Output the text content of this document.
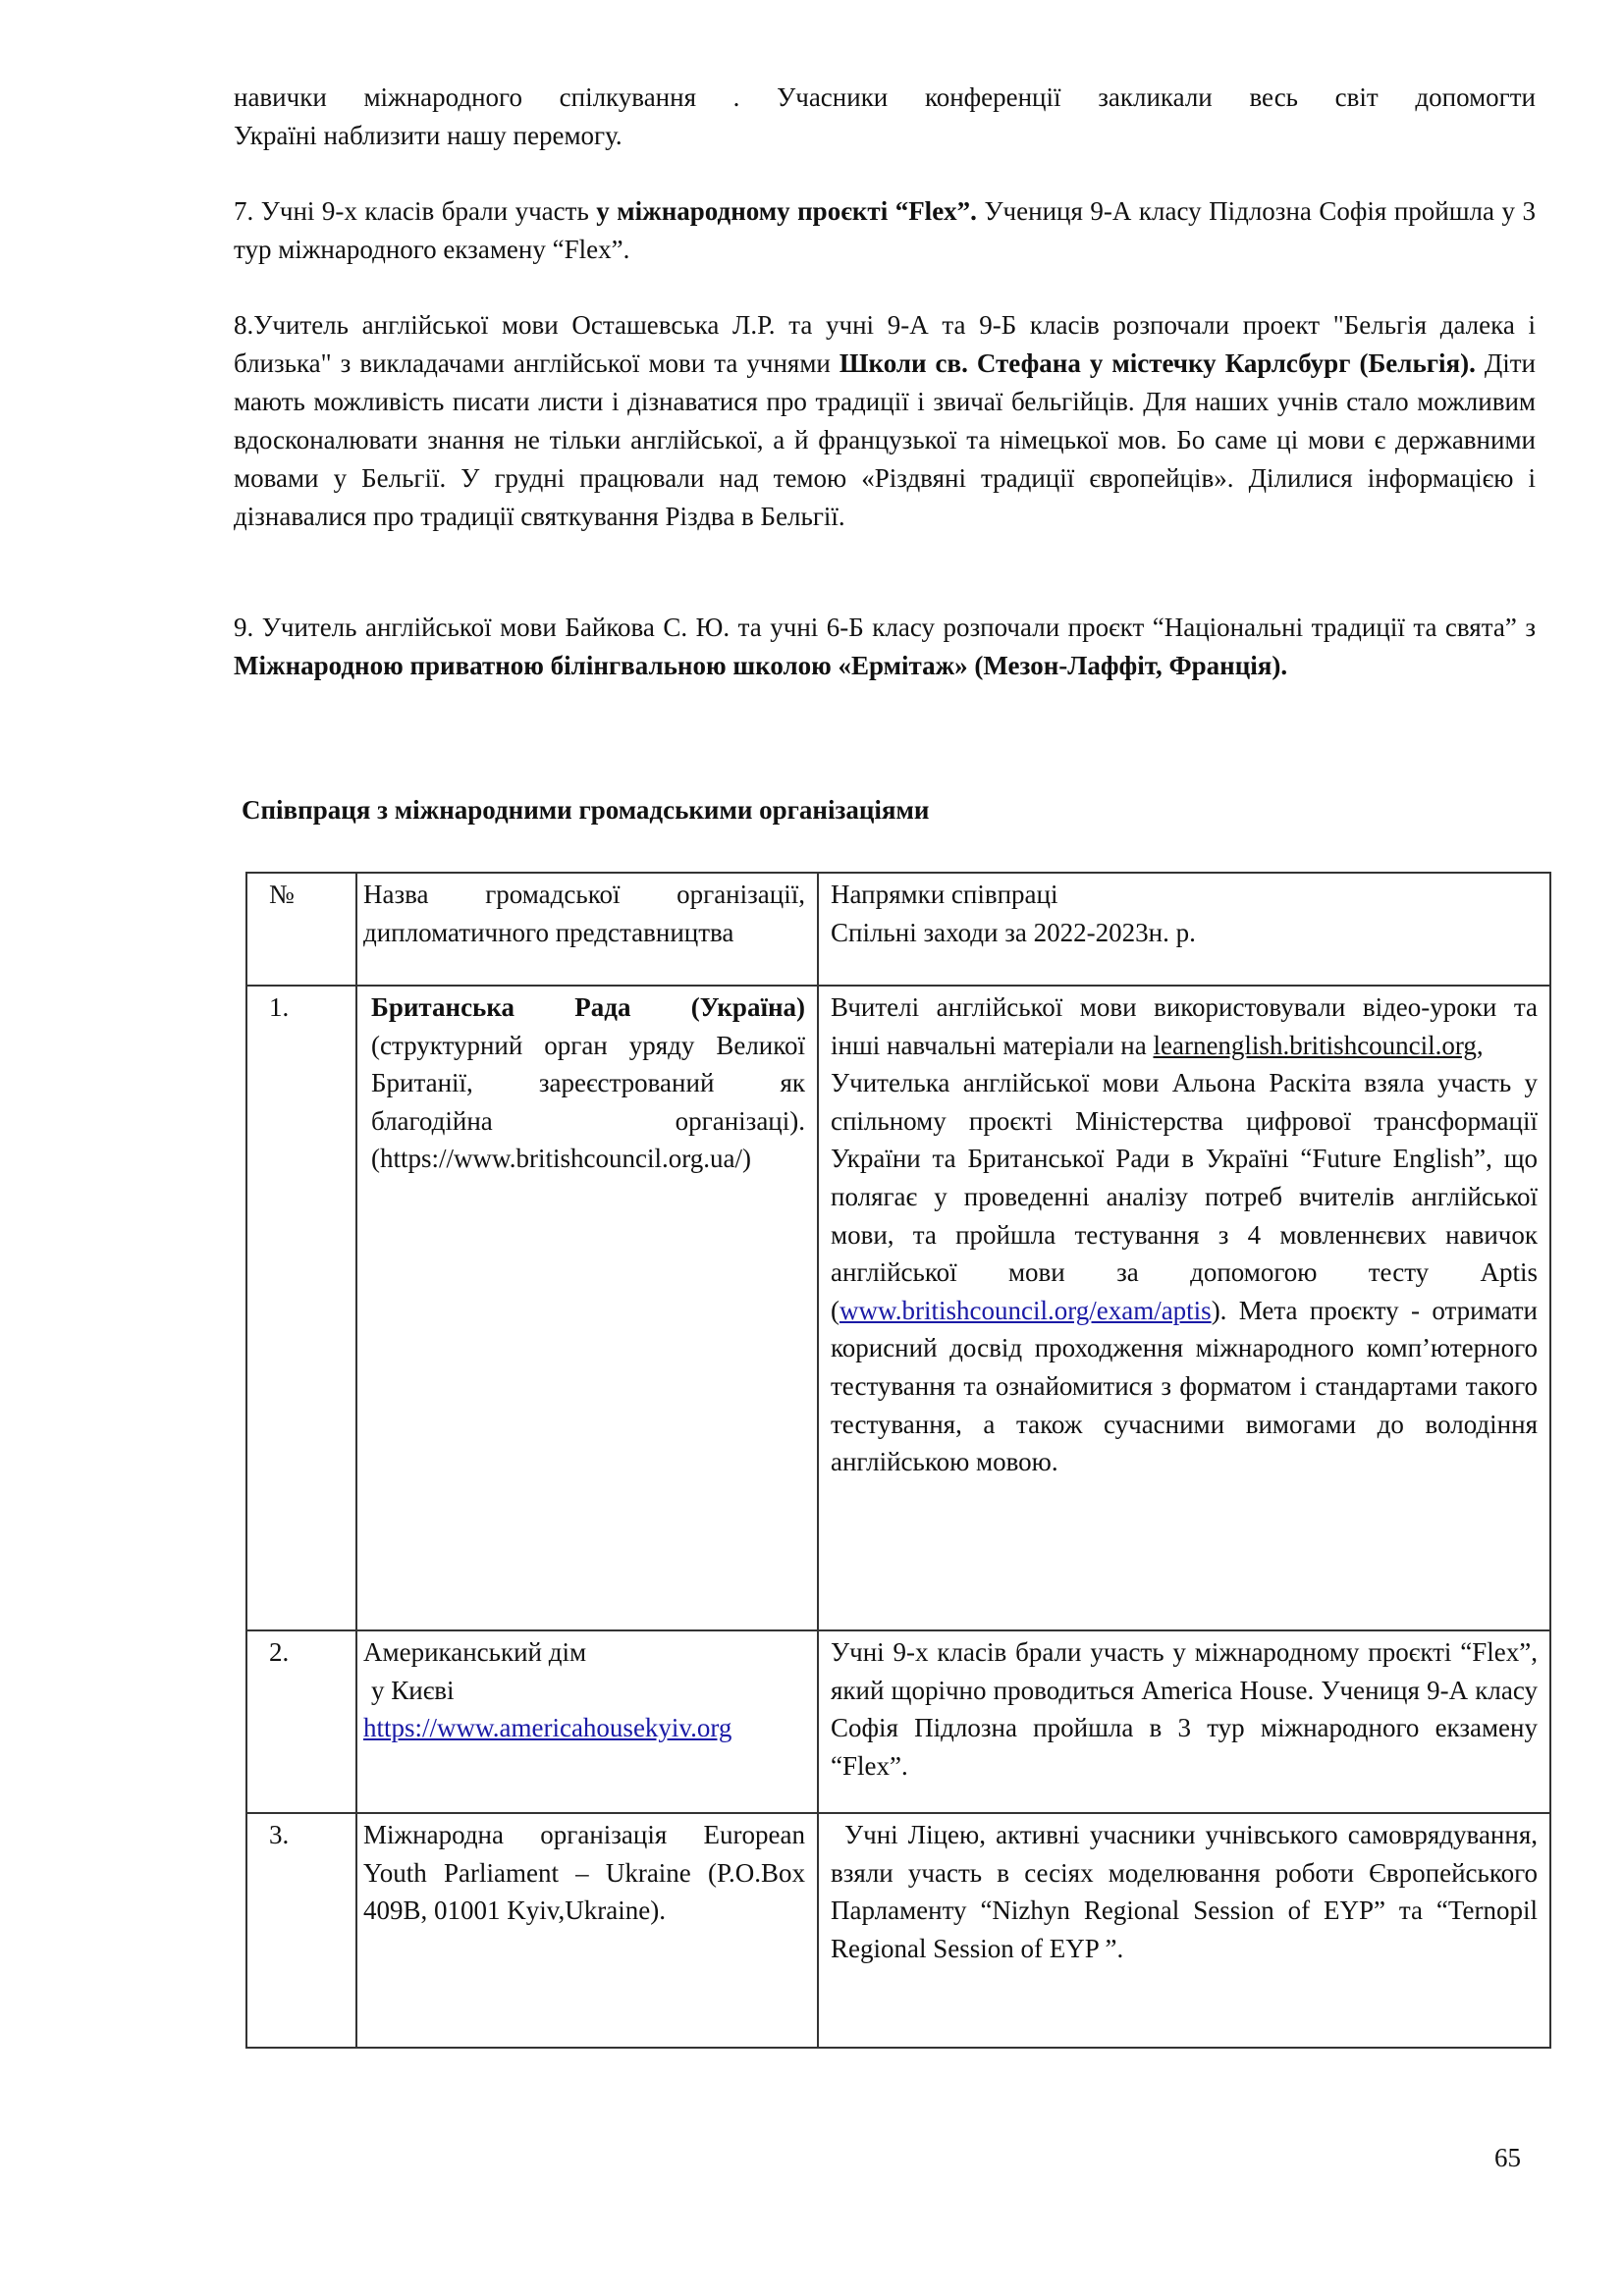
навички міжнародного спілкування . Учасники конференції закликали весь світ допомогти
Україні наблизити нашу перемогу.

7. Учні 9-х класів брали участь у міжнародному проєкті “Flex”. Учениця 9-А класу Підлозна Софія пройшла у 3 тур міжнародного екзамену “Flex”.

8.Учитель англійської мови Осташевська Л.Р. та учні 9-А та 9-Б класів розпочали проект "Бельгія далека і близька" з викладачами англійської мови та учнями Школи св. Стефана у містечку Карлсбург (Бельгія). Діти мають можливість писати листи і дізнаватися про традиції і звичаї бельгійців. Для наших учнів стало можливим вдосконалювати знання не тільки англійської, а й французької та німецької мов. Бо саме ці мови є державними мовами у Бельгії. У грудні працювали над темою «Різдвяні традиції європейців». Ділилися інформацією і дізнавалися про традиції святкування Різдва в Бельгії.

9. Учитель англійської мови Байкова С. Ю. та учні 6-Б класу розпочали проєкт “Національні традиції та свята” з Міжнародною приватною білінгвальною школою «Ермітаж» (Мезон-Лаффіт, Франція).

Співпраця з міжнародними громадськими організаціями
№	Назва громадської організації, дипломатичного представництва	Напрямки співпраці
Спільні заходи за 2022-2023н. р.

1.	Британська Рада (Україна) (структурний орган уряду Великої Британії, зареєстрований як благодійна організаці). (https://www.britishcouncil.org.ua/)	Вчителі англійської мови використовували відео-уроки та інші навчальні матеріали на learnenglish.britishcouncil.org,
Учителька англійської мови Альона Раскіта взяла участь у спільному проєкті Міністерства цифрової трансформації України та Британської Ради в Україні “Future English”, що полягає у проведенні аналізу потреб вчителів англійської мови, та пройшла тестування з 4 мовленнєвих навичок англійської мови за допомогою тесту Aptis (www.britishcouncil.org/exam/aptis). Мета проєкту - отримати корисний досвід проходження міжнародного комп’ютерного тестування та ознайомитися з форматом і стандартами такого тестування, а також сучасними вимогами до володіння англійською мовою.

2.	Американський дім
у Києві
https://www.americahousekyiv.org	Учні 9-х класів брали участь у міжнародному проєкті “Flex”, який щорічно проводиться America House. Учениця 9-А класу Софія Підлозна пройшла в 3 тур міжнародного екзамену “Flex”.
3.	Міжнародна організація European Youth Parliament – Ukraine (P.O.Box 409B, 01001 Kyiv,Ukraine).	Учні Ліцею, активні учасники учнівського самоврядування, взяли участь в сесіях моделювання роботи Європейського Парламенту “Nizhyn Regional Session of EYP” та “Ternopil Regional Session of EYP ”.
65
